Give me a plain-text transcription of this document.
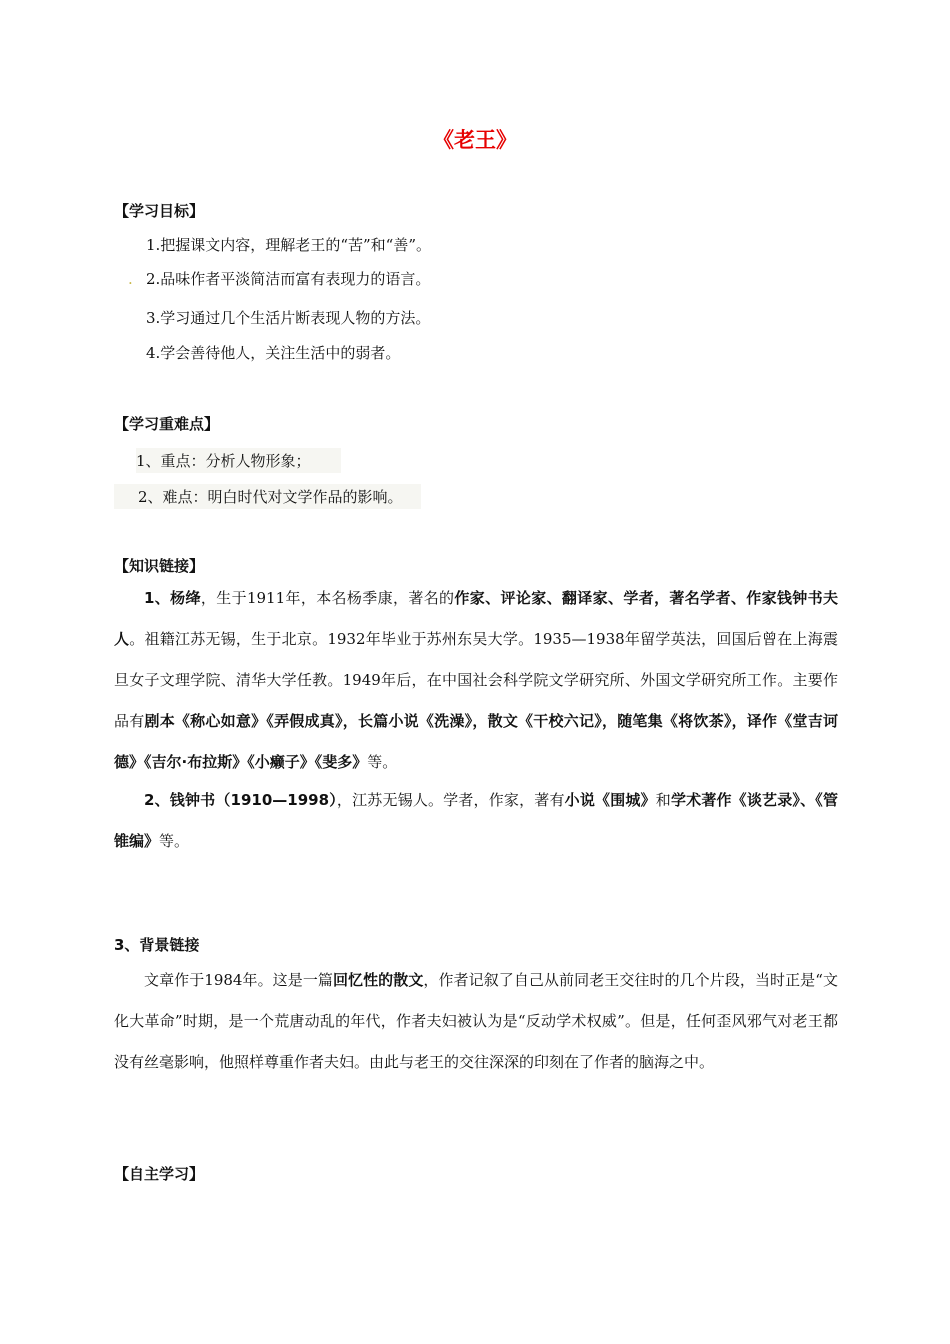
《老王》
【学习目标】
1.把握课文内容，理解老王的“苦”和“善”。
. 2.品味作者平淡简洁而富有表现力的语言。
3.学习通过几个生活片断表现人物的方法。
4.学会善待他人，关注生活中的弱者。
【学习重难点】
1、重点：分析人物形象；
2、难点：明白时代对文学作品的影响。
【知识链接】
1、杨绛，生于1911年，本名杨季康，著名的作家、评论家、翻译家、学者，著名学者、作家钱钟书夫人。祖籍江苏无锡，生于北京。1932年毕业于苏州东吴大学。1935—1938年留学英法，回国后曾在上海震旦女子文理学院、清华大学任教。1949年后，在中国社会科学院文学研究所、外国文学研究所工作。主要作品有剧本《称心如意》《弄假成真》，长篇小说《洗澡》，散文《干校六记》，随笔集《将饮茶》，译作《堂吉诃德》《吉尔·布拉斯》《小癞子》《斐多》等。
2、钱钟书（1910—1998），江苏无锡人。学者，作家，著有小说《围城》和学术著作《谈艺录》、《管锥编》等。
3、背景链接
文章作于1984年。这是一篇回忆性的散文，作者记叙了自己从前同老王交往时的几个片段，当时正是“文化大革命”时期，是一个荒唐动乱的年代，作者夫妇被认为是“反动学术权威”。但是，任何歪风邪气对老王都没有丝毫影响，他照样尊重作者夫妇。由此与老王的交往深深的印刻在了作者的脑海之中。
【自主学习】
